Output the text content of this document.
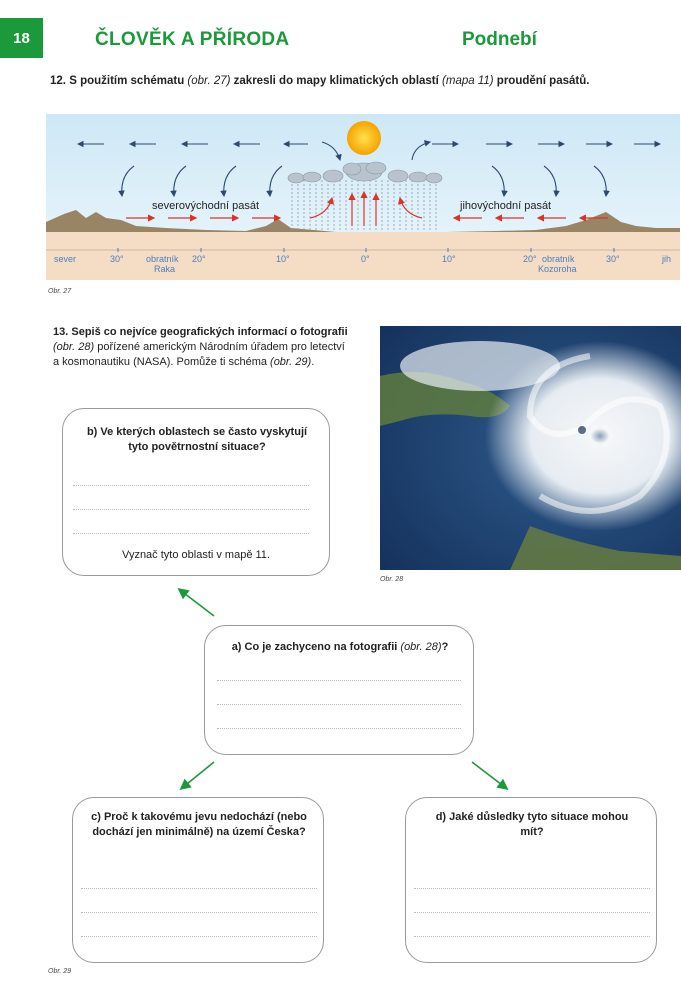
18	ČLOVĚK A PŘÍRODA	Podnebí
12. S použitím schématu (obr. 27) zakresli do mapy klimatických oblastí (mapa 11) proudění pasátů.
severovýchodní pasát	jihovýchodní pasát
sever	30° obratník
Raka
20°	10°	0°	10°	20° obratník
Kozoroha
30°	jih
Obr. 27
13. Sepiš co nejvíce geografických informací o fotografii (obr. 28) pořízené americkým Národním úřadem pro letectví a kosmonautiku (NASA). Pomůže ti schéma (obr. 29).
Obr. 28
b) Ve kterých oblastech se často vyskytují tyto povětrnostní situace?
Vyznač tyto oblasti v mapě 11.
a) Co je zachyceno na fotografii (obr. 28)?
c) Proč k takovému jevu nedochází (nebo dochází jen minimálně) na území Česka?
d) Jaké důsledky tyto situace mohou mít?
Obr. 29
